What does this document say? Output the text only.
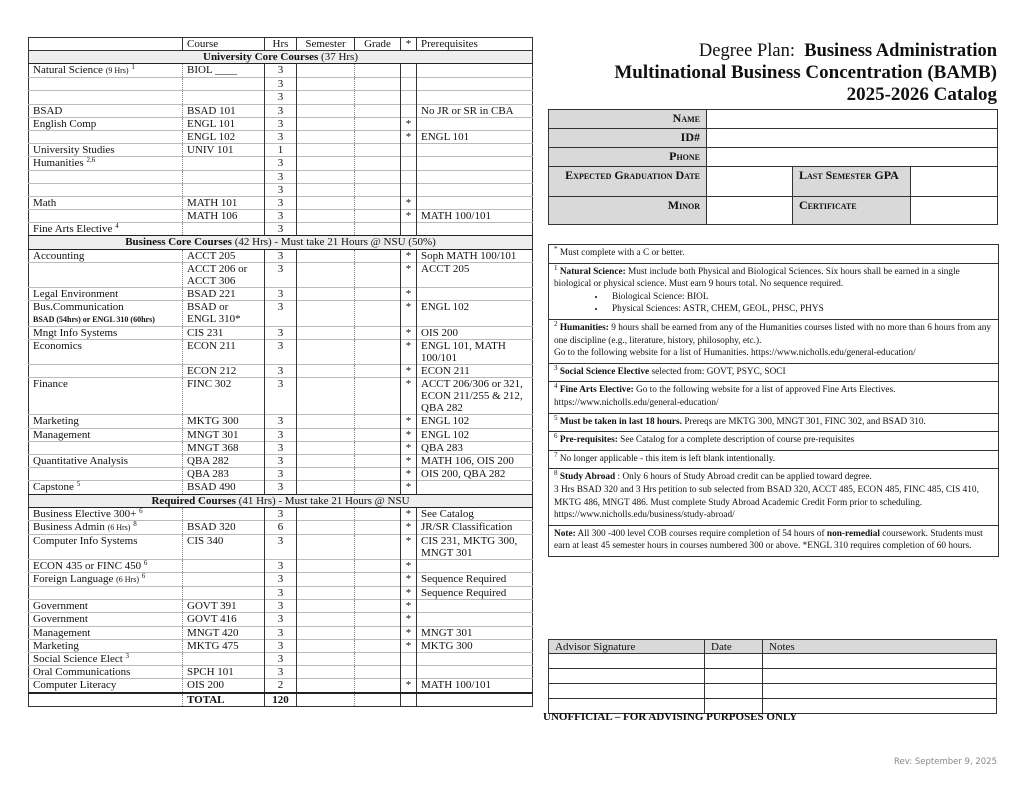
	Course	Hrs	Semester	Grade	*	Prerequisites
University Core Courses (37 Hrs)						
Natural Science (9 Hrs) $^1$	BIOL ____	3				
		3				
		3				
BSAD	BSAD 101	3				No JR or SR in CBA
English Comp	ENGL 101	3			*	
	ENGL 102	3			*	ENGL 101
University Studies	UNIV 101	1				
Humanities $^{2,6}$		3				
		3				
		3				
Math	MATH 101	3			*	
	MATH 106	3			*	MATH 100/101
Fine Arts Elective $^4$		3				
Business Core Courses (42 Hrs) - Must take 21 Hours @ NSU (50%)						
Accounting	ACCT 205	3			*	Soph MATH 100/101
	ACCT 206 or ACCT 306	3			*	ACCT 205
Legal Environment	BSAD 221	3			*	
Bus.Communication
BSAD (54hrs) or ENGL 310 (60hrs)	BSAD or ENGL 310*	3			*	ENGL 102
Mngt Info Systems	CIS 231	3			*	OIS 200
Economics	ECON 211	3			*	ENGL 101, MATH 100/101
	ECON 212	3			*	ECON 211
Finance	FINC 302	3			*	ACCT 206/306 or 321, ECON 211/255 & 212, QBA 282
Marketing	MKTG 300	3			*	ENGL 102
Management	MNGT 301	3			*	ENGL 102
	MNGT 368	3			*	QBA 283
Quantitative Analysis	QBA 282	3			*	MATH 106, OIS 200
	QBA 283	3			*	OIS 200, QBA 282
Capstone $^5$	BSAD 490	3			*	
Required Courses (41 Hrs) - Must take 21 Hours @ NSU						
Business Elective 300+ $^6$		3			*	See Catalog
Business Admin (6 Hrs) $^8$	BSAD 320	6			*	JR/SR Classification
Computer Info Systems	CIS 340	3			*	CIS 231, MKTG 300, MNGT 301
ECON 435 or FINC 450 $^6$		3			*	
Foreign Language (6 Hrs) $^6$		3			*	Sequence Required
		3			*	Sequence Required
Government	GOVT 391	3			*	
Government	GOVT 416	3			*	
Management	MNGT 420	3			*	MNGT 301
Marketing	MKTG 475	3			*	MKTG 300
Social Science Elect $^3$		3				
Oral Communications	SPCH 101	3				
Computer Literacy	OIS 200	2			*	MATH 100/101
	TOTAL	120				
Degree Plan: Business Administration
Multinational Business Concentration (BAMB)
2025-2026 Catalog
Name			
ID#			
Phone			
Expected Graduation Date		Last Semester GPA	
Minor		Certificate	
* Must complete with a C or better.
$^1$ Natural Science: Must include both Physical and Biological Sciences. Six hours shall be earned in a single biological or physical science. Must earn 9 hours total. No sequence required.
• Biological Science: BIOL
• Physical Sciences: ASTR, CHEM, GEOL, PHSC, PHYS
$^2$ Humanities: 9 hours shall be earned from any of the Humanities courses listed with no more than 6 hours from any one discipline (e.g., literature, history, philosophy, etc.).
Go to the following website for a list of Humanities. https://www.nicholls.edu/general-education/
$^3$ Social Science Elective selected from: GOVT, PSYC, SOCI
$^4$ Fine Arts Elective: Go to the following website for a list of approved Fine Arts Electives. https://www.nicholls.edu/general-education/
$^5$ Must be taken in last 18 hours. Prereqs are MKTG 300, MNGT 301, FINC 302, and BSAD 310.
$^6$ Pre-requisites: See Catalog for a complete description of course pre-requisites
$^7$ No longer applicable - this item is left blank intentionally.
$^8$ Study Abroad : Only 6 hours of Study Abroad credit can be applied toward degree.
3 Hrs BSAD 320 and 3 Hrs petition to sub selected from BSAD 320, ACCT 485, ECON 485, FINC 485, CIS 410, MKTG 486, MNGT 486. Must complete Study Abroad Academic Credit Form prior to scheduling. https://www.nicholls.edu/business/study-abroad/
Note: All 300 -400 level COB courses require completion of 54 hours of non-remedial coursework. Students must earn at least 45 semester hours in courses numbered 300 or above. *ENGL 310 requires completion of 60 hours.
Advisor Signature	Date	Notes

UNOFFICIAL – FOR ADVISING PURPOSES ONLY
Rev: September 9, 2025
